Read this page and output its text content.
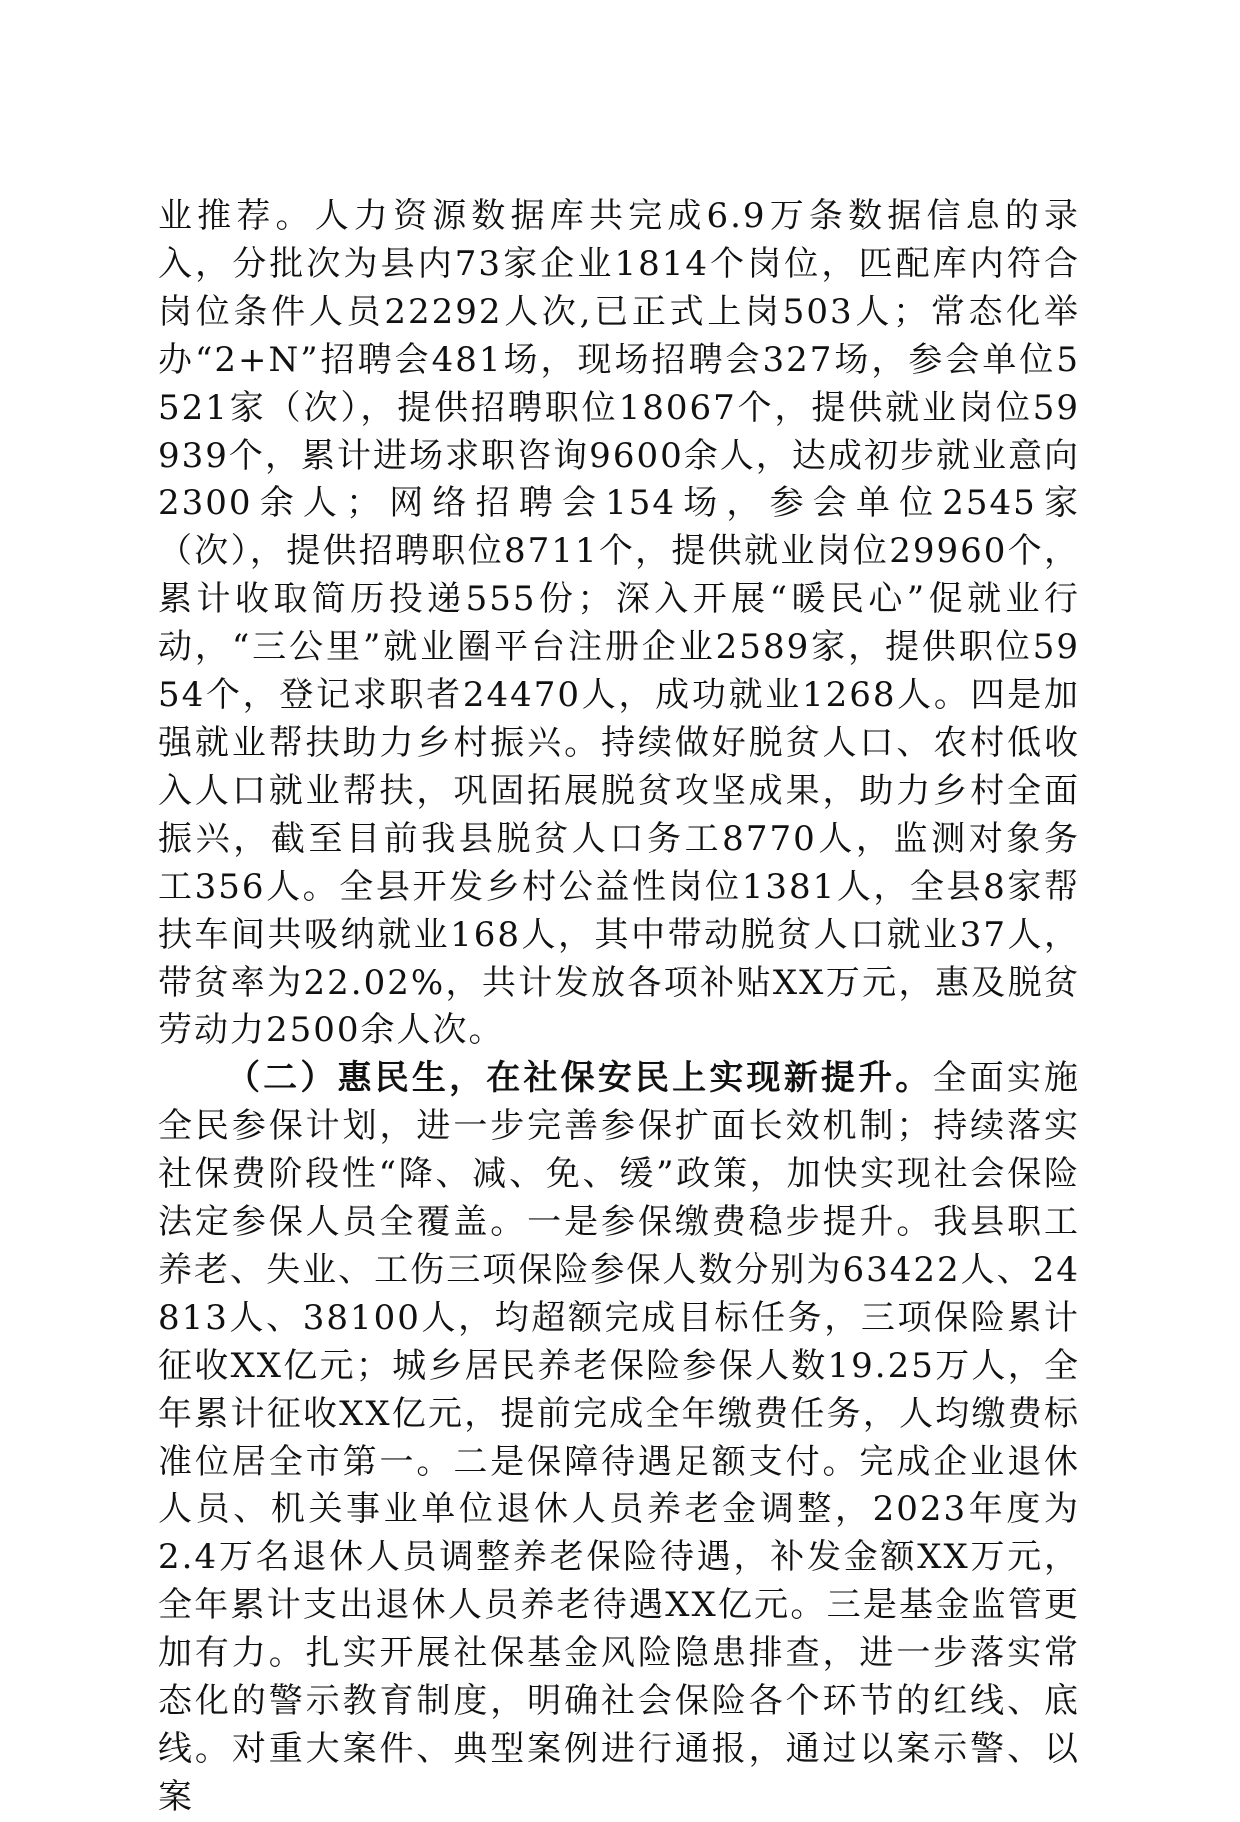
业推荐。人力资源数据库共完成6.9万条数据信息的录入，分批次为县内73家企业1814个岗位，匹配库内符合岗位条件人员22292人次,已正式上岗503人；常态化举办“2+N”招聘会481场，现场招聘会327场，参会单位5521家（次），提供招聘职位18067个，提供就业岗位59939个，累计进场求职咨询9600余人，达成初步就业意向2300余人；网络招聘会154场，参会单位2545家（次），提供招聘职位8711个，提供就业岗位29960个，累计收取简历投递555份；深入开展“暖民心”促就业行动，“三公里”就业圈平台注册企业2589家，提供职位5954个，登记求职者24470人，成功就业1268人。四是加强就业帮扶助力乡村振兴。持续做好脱贫人口、农村低收入人口就业帮扶，巩固拓展脱贫攻坚成果，助力乡村全面振兴，截至目前我县脱贫人口务工8770人，监测对象务工356人。全县开发乡村公益性岗位1381人，全县8家帮扶车间共吸纳就业168人，其中带动脱贫人口就业37人，带贫率为22.02%，共计发放各项补贴XX万元，惠及脱贫劳动力2500余人次。

（二）惠民生，在社保安民上实现新提升。全面实施全民参保计划，进一步完善参保扩面长效机制；持续落实社保费阶段性“降、减、免、缓”政策，加快实现社会保险法定参保人员全覆盖。一是参保缴费稳步提升。我县职工养老、失业、工伤三项保险参保人数分别为63422人、24813人、38100人，均超额完成目标任务，三项保险累计征收XX亿元；城乡居民养老保险参保人数19.25万人，全年累计征收XX亿元，提前完成全年缴费任务，人均缴费标准位居全市第一。二是保障待遇足额支付。完成企业退休人员、机关事业单位退休人员养老金调整，2023年度为2.4万名退休人员调整养老保险待遇，补发金额XX万元，全年累计支出退休人员养老待遇XX亿元。三是基金监管更加有力。扎实开展社保基金风险隐患排查，进一步落实常态化的警示教育制度，明确社会保险各个环节的红线、底线。对重大案件、典型案例进行通报，通过以案示警、以案
